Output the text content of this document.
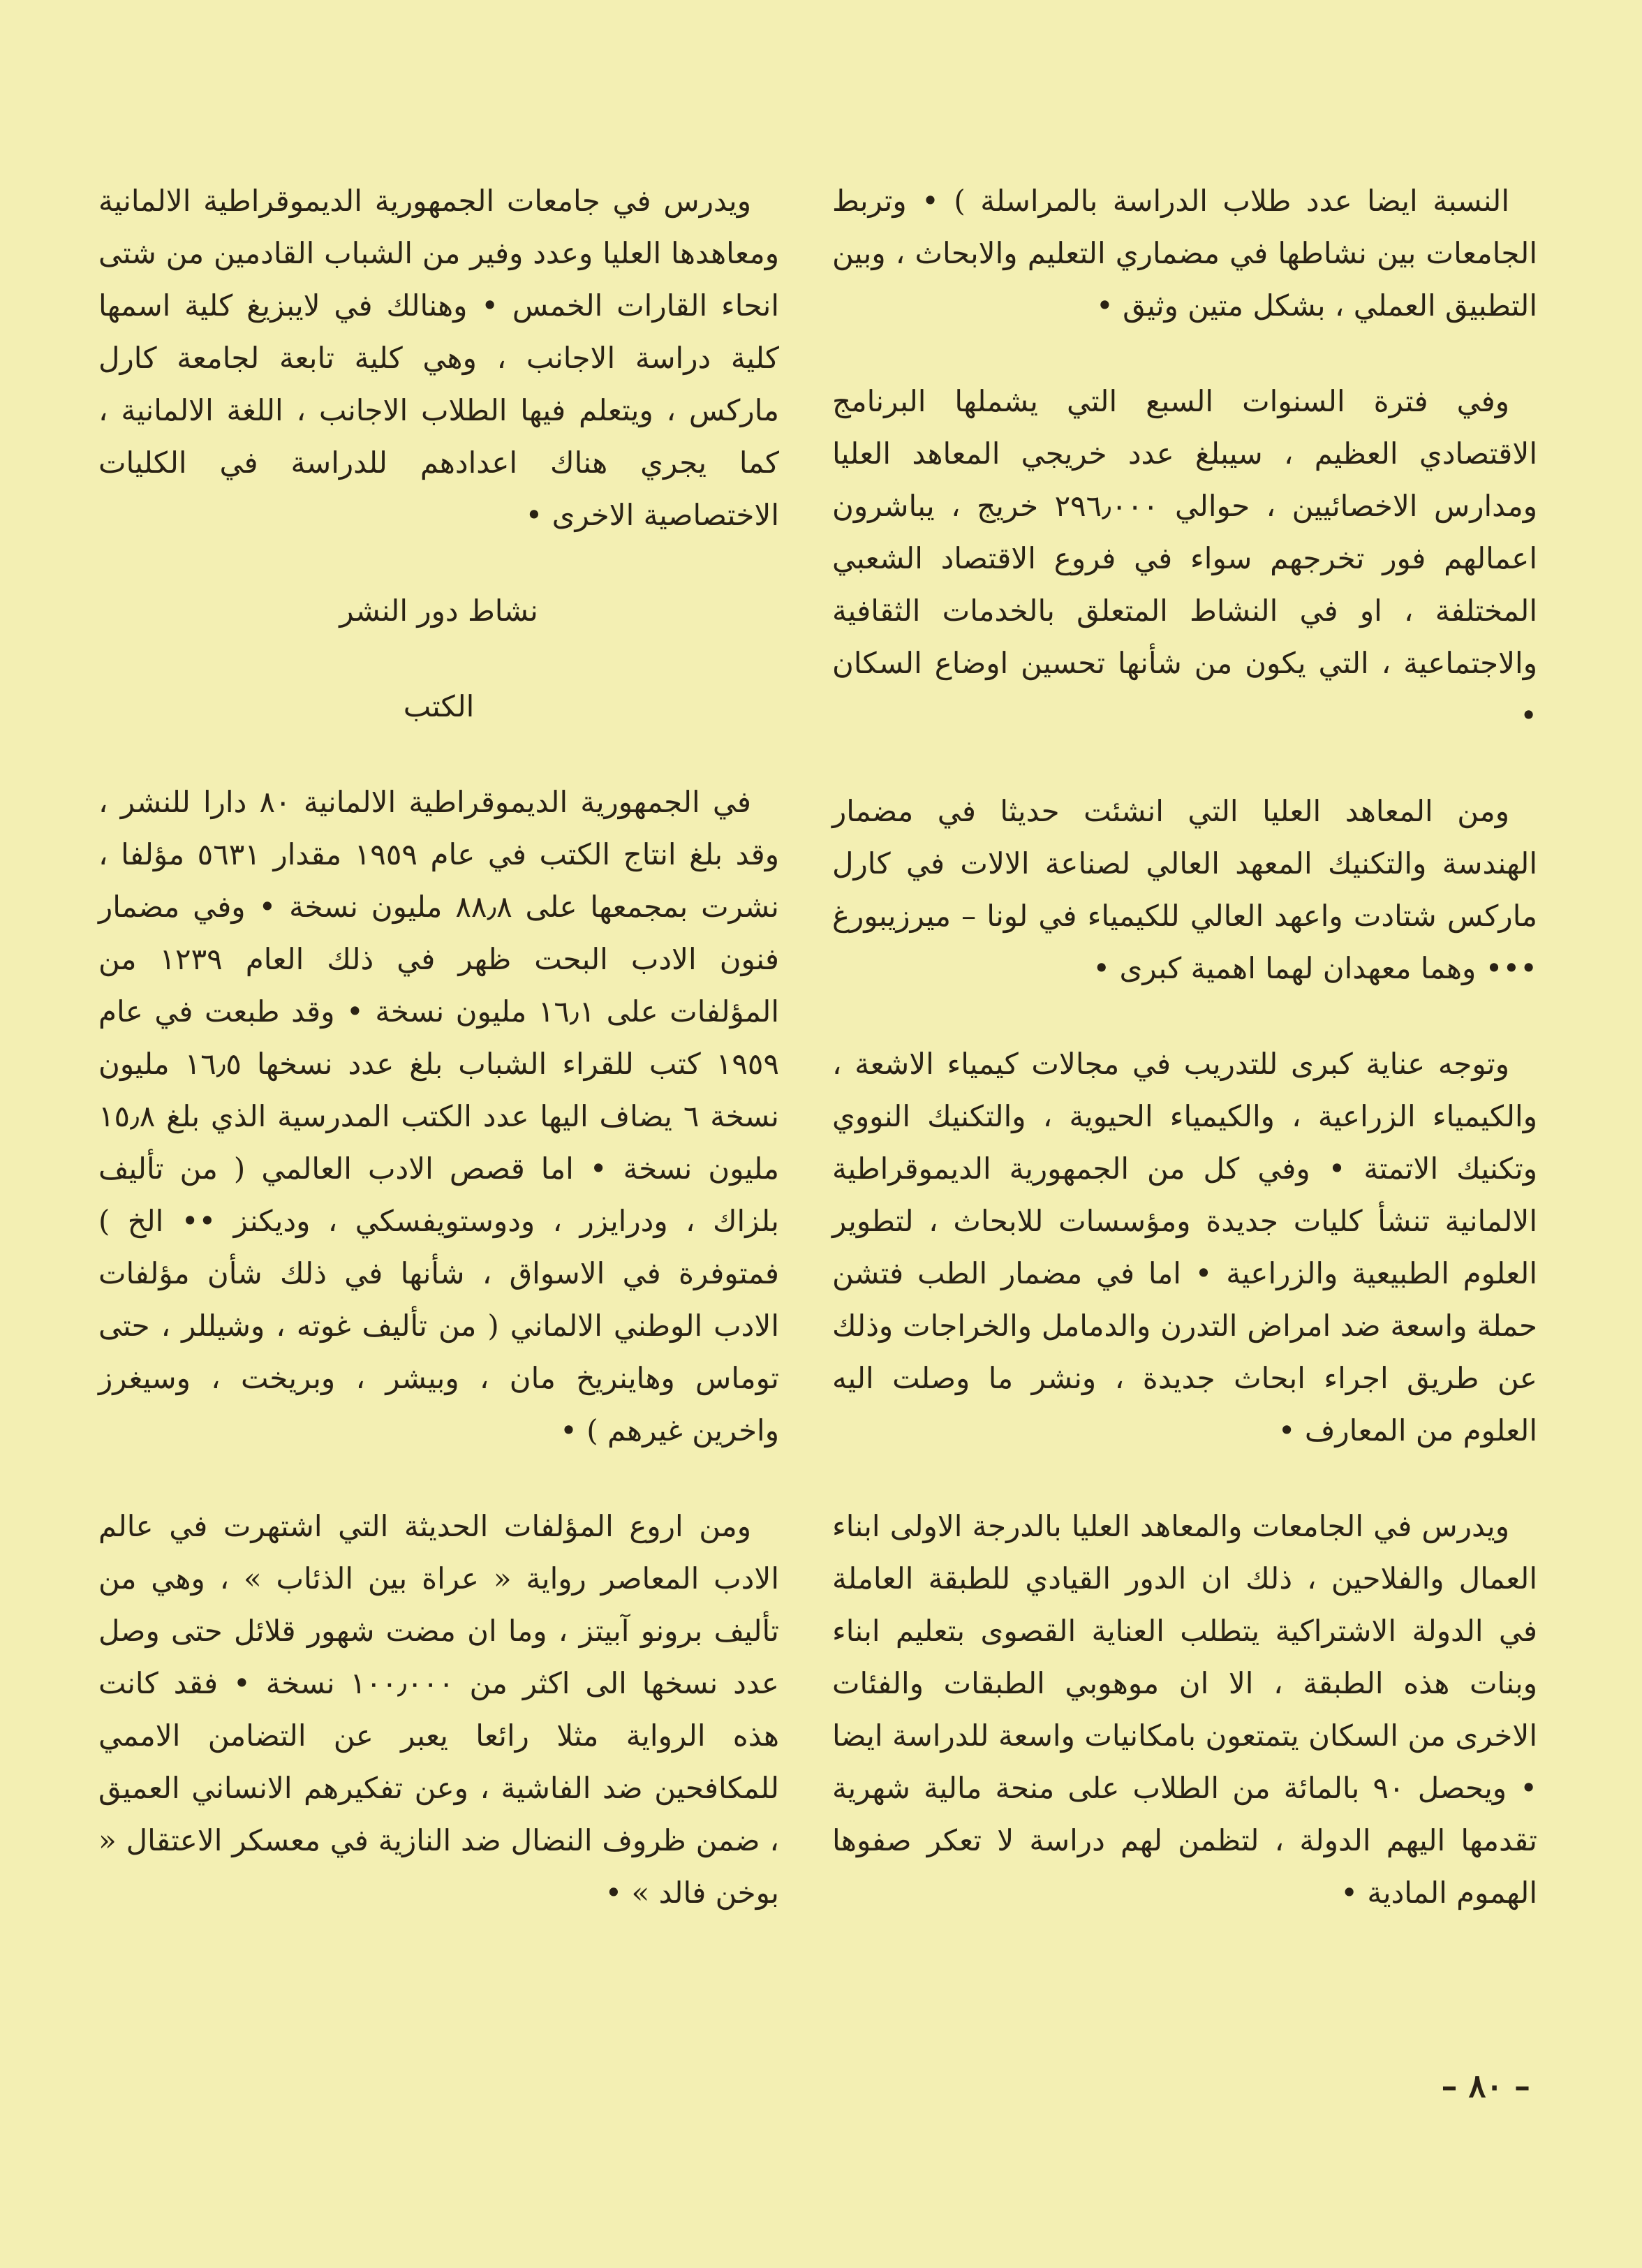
النسبة ايضا عدد طلاب الدراسة بالمراسلة ) • وتربط الجامعات بين نشاطها في مضماري التعليم والابحاث ، وبين التطبيق العملي ، بشكل متين وثيق •

وفي فترة السنوات السبع التي يشملها البرنامج الاقتصادي العظيم ، سيبلغ عدد خريجي المعاهد العليا ومدارس الاخصائيين ، حوالي ٢٩٦٫٠٠٠ خريج ، يباشرون اعمالهم فور تخرجهم سواء في فروع الاقتصاد الشعبي المختلفة ، او في النشاط المتعلق بالخدمات الثقافية والاجتماعية ، التي يكون من شأنها تحسين اوضاع السكان •

ومن المعاهد العليا التي انشئت حديثا في مضمار الهندسة والتكنيك المعهد العالي لصناعة الالات في كارل ماركس شتادت واعهد العالي للكيمياء في لونا – ميرزيبورغ ••• وهما معهدان لهما اهمية كبرى •

وتوجه عناية كبرى للتدريب في مجالات كيمياء الاشعة ، والكيمياء الزراعية ، والكيمياء الحيوية ، والتكنيك النووي وتكنيك الاتمتة • وفي كل من الجمهورية الديموقراطية الالمانية تنشأ كليات جديدة ومؤسسات للابحاث ، لتطوير العلوم الطبيعية والزراعية • اما في مضمار الطب فتشن حملة واسعة ضد امراض التدرن والدمامل والخراجات وذلك عن طريق اجراء ابحاث جديدة ، ونشر ما وصلت اليه العلوم من المعارف •

ويدرس في الجامعات والمعاهد العليا بالدرجة الاولى ابناء العمال والفلاحين ، ذلك ان الدور القيادي للطبقة العاملة في الدولة الاشتراكية يتطلب العناية القصوى بتعليم ابناء وبنات هذه الطبقة ، الا ان موهوبي الطبقات والفئات الاخرى من السكان يتمتعون بامكانيات واسعة للدراسة ايضا • ويحصل ٩٠ بالمائة من الطلاب على منحة مالية شهرية تقدمها اليهم الدولة ، لتظمن لهم دراسة لا تعكر صفوها الهموم المادية •

ويدرس في جامعات الجمهورية الديموقراطية الالمانية ومعاهدها العليا وعدد وفير من الشباب القادمين من شتى انحاء القارات الخمس • وهنالك في لايبزيغ كلية اسمها كلية دراسة الاجانب ، وهي كلية تابعة لجامعة كارل ماركس ، ويتعلم فيها الطلاب الاجانب ، اللغة الالمانية ، كما يجري هناك اعدادهم للدراسة في الكليات الاختصاصية الاخرى •

نشاط دور النشر

الكتب

في الجمهورية الديموقراطية الالمانية ٨٠ دارا للنشر ، وقد بلغ انتاج الكتب في عام ١٩٥٩ مقدار ٥٦٣١ مؤلفا ، نشرت بمجمعها على ٨٨٫٨ مليون نسخة • وفي مضمار فنون الادب البحت ظهر في ذلك العام ١٢٣٩ من المؤلفات على ١٦٫١ مليون نسخة • وقد طبعت في عام ١٩٥٩ كتب للقراء الشباب بلغ عدد نسخها ١٦٫٥ مليون نسخة ٦ يضاف اليها عدد الكتب المدرسية الذي بلغ ١٥٫٨ مليون نسخة • اما قصص الادب العالمي ( من تأليف بلزاك ، ودرايزر ، ودوستويفسكي ، وديكنز •• الخ ) فمتوفرة في الاسواق ، شأنها في ذلك شأن مؤلفات الادب الوطني الالماني ( من تأليف غوته ، وشيللر ، حتى توماس وهاينريخ مان ، وبيشر ، وبريخت ، وسيغرز واخرين غيرهم ) •

ومن اروع المؤلفات الحديثة التي اشتهرت في عالم الادب المعاصر رواية « عراة بين الذئاب » ، وهي من تأليف برونو آبيتز ، وما ان مضت شهور قلائل حتى وصل عدد نسخها الى اكثر من ١٠٠٫٠٠٠ نسخة • فقد كانت هذه الرواية مثلا رائعا يعبر عن التضامن الاممي للمكافحين ضد الفاشية ، وعن تفكيرهم الانساني العميق ، ضمن ظروف النضال ضد النازية في معسكر الاعتقال « بوخن فالد » •

– ٨٠ –
